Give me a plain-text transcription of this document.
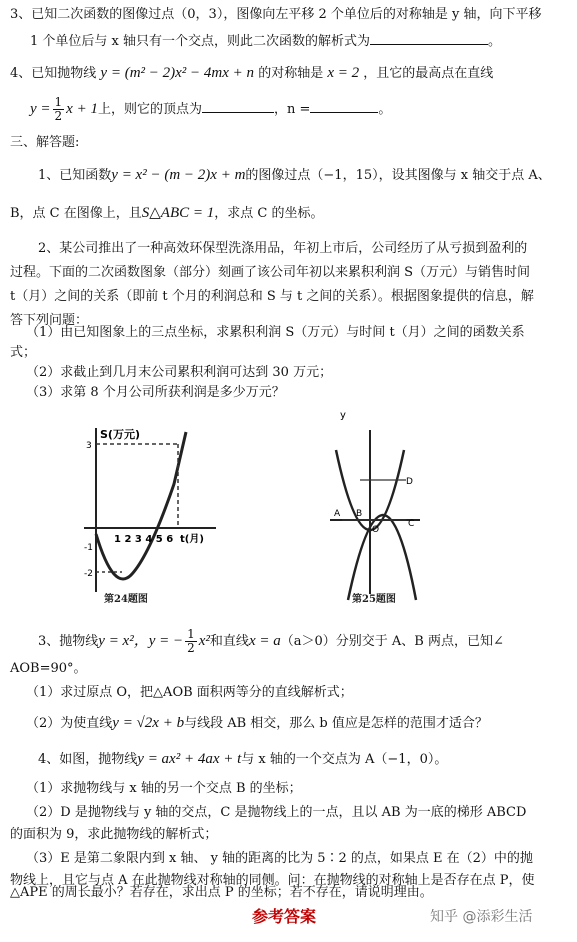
3、已知二次函数的图像过点（0，3），图像向左平移 2 个单位后的对称轴是 y 轴，向下平移
1 个单位后与 x 轴只有一个交点，则此二次函数的解析式为	。
4、已知抛物线 y = (m² − 2)x² − 4mx + n 的对称轴是 x = 2 ，且它的最高点在直线
$y = \frac{1}{2}$ x + 1上，则它的顶点为	，n =	。
三、解答题:
1、已知函数y = x² − (m − 2)x + m的图像过点（−1，15），设其图像与 x 轴交于点 A、
B，点 C 在图像上，且S△ABC = 1，求点 C 的坐标。
2、某公司推出了一种高效环保型洗涤用品，年初上市后，公司经历了从亏损到盈利的
过程。下面的二次函数图象（部分）刻画了该公司年初以来累积利润 S（万元）与销售时间
t（月）之间的关系（即前 t 个月的利润总和 S 与 t 之间的关系）。根据图象提供的信息，解
答下列问题：
（1）由已知图象上的三点坐标，求累积利润 S（万元）与时间 t（月）之间的函数关系
式；
（2）求截止到几月末公司累积利润可达到 30 万元；
（3）求第 8 个月公司所获利润是多少万元？
S(万元)
t(月)
1 2 3 4 5 6
3
-1
-2
第24题图
y
D
C
O
B
A
第25题图
3、抛物线y = x²，y = − $\frac{1}{2} x^2$和直线x = a（a＞0）分别交于 A、B 两点，已知∠
AOB=90°。
（1）求过原点 O，把△AOB 面积两等分的直线解析式；
（2）为使直线y = √2x + b与线段 AB 相交，那么 b 值应是怎样的范围才适合？
4、如图，抛物线y = ax² + 4ax + t与 x 轴的一个交点为 A（−1，0）。
（1）求抛物线与 x 轴的另一个交点 B 的坐标；
（2）D 是抛物线与 y 轴的交点，C 是抛物线上的一点，且以 AB 为一底的梯形 ABCD
的面积为 9，求此抛物线的解析式；
（3）E 是第二象限内到 x 轴、 y 轴的距离的比为 5∶2 的点，如果点 E 在（2）中的抛
物线上，且它与点 A 在此抛物线对称轴的同侧。问：在抛物线的对称轴上是否存在点 P，使
△APE 的周长最小？若存在，求出点 P 的坐标；若不存在，请说明理由。
参考答案	知乎 @添彩生活
